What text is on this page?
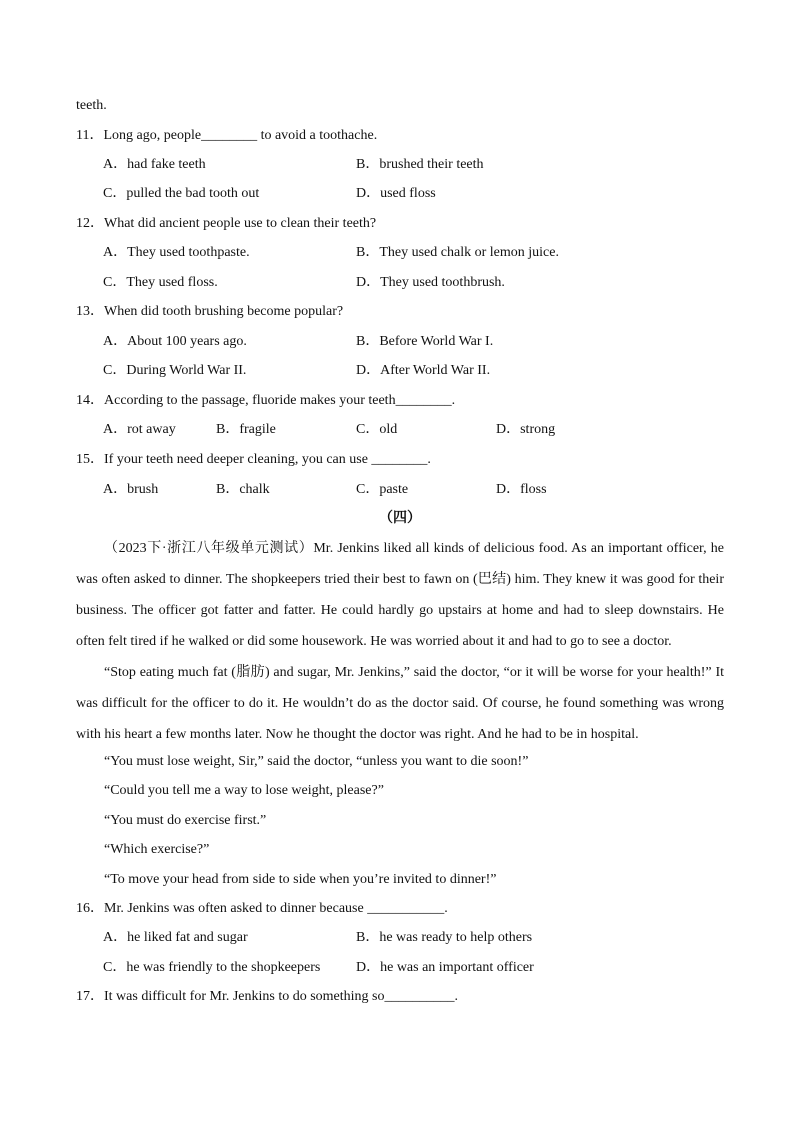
teeth.
11．Long ago, people________ to avoid a toothache.
A．had fake teeth	B．brushed their teeth
C．pulled the bad tooth out	D．used floss
12．What did ancient people use to clean their teeth?
A．They used toothpaste.	B．They used chalk or lemon juice.
C．They used floss.	D．They used toothbrush.
13．When did tooth brushing become popular?
A．About 100 years ago.	B．Before World War I.
C．During World War II.	D．After World War II.
14．According to the passage, fluoride makes your teeth________.
A．rot away	B．fragile	C．old	D．strong
15．If your teeth need deeper cleaning, you can use ________.
A．brush	B．chalk	C．paste	D．floss
（四）

（2023下·浙江八年级单元测试）Mr. Jenkins liked all kinds of delicious food. As an important officer, he was often asked to dinner. The shopkeepers tried their best to fawn on (巴结) him. They knew it was good for their business. The officer got fatter and fatter. He could hardly go upstairs at home and had to sleep downstairs. He often felt tired if he walked or did some housework. He was worried about it and had to go to see a doctor.

“Stop eating much fat (脂肪) and sugar, Mr. Jenkins,” said the doctor, “or it will be worse for your health!” It was difficult for the officer to do it. He wouldn’t do as the doctor said. Of course, he found something was wrong with his heart a few months later. Now he thought the doctor was right. And he had to be in hospital.

“You must lose weight, Sir,” said the doctor, “unless you want to die soon!”
“Could you tell me a way to lose weight, please?”
“You must do exercise first.”
“Which exercise?”
“To move your head from side to side when you’re invited to dinner!”
16．Mr. Jenkins was often asked to dinner because ___________.
A．he liked fat and sugar	B．he was ready to help others
C．he was friendly to the shopkeepers	D．he was an important officer
17．It was difficult for Mr. Jenkins to do something so__________.
